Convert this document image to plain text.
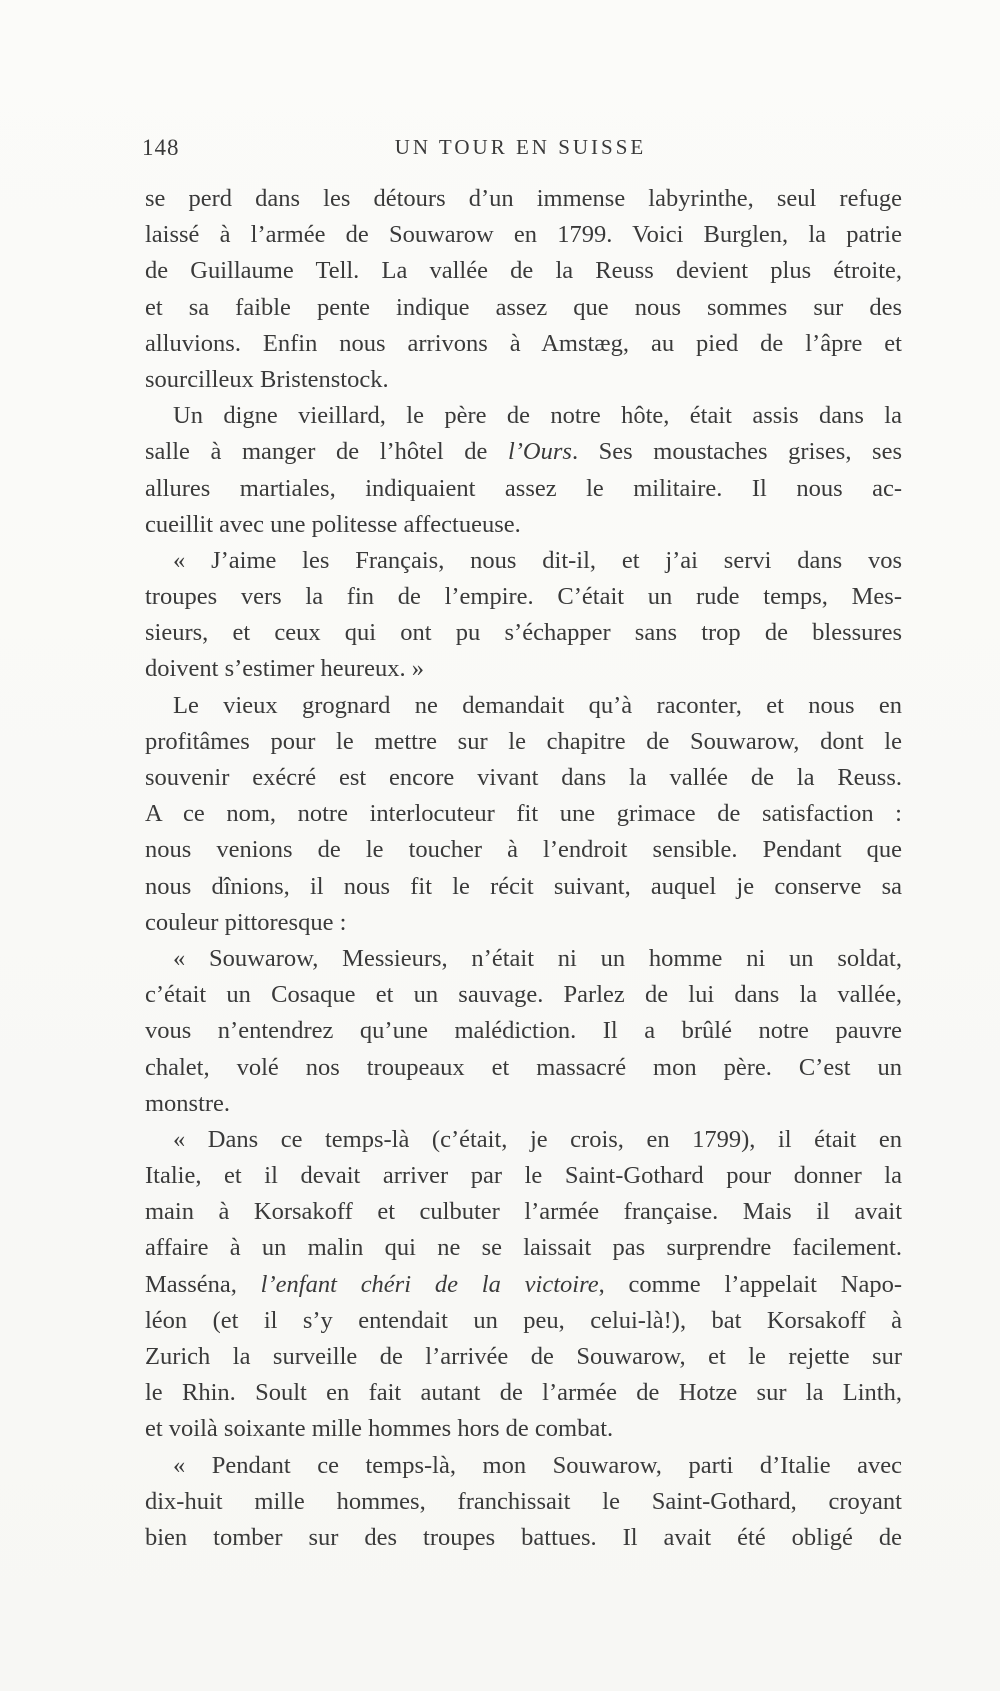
148	UN TOUR EN SUISSE
se perd dans les détours d’un immense labyrinthe, seul refuge
laissé à l’armée de Souwarow en 1799. Voici Burglen, la patrie
de Guillaume Tell. La vallée de la Reuss devient plus étroite,
et sa faible pente indique assez que nous sommes sur des
alluvions. Enfin nous arrivons à Amstæg, au pied de l’âpre et
sourcilleux Bristenstock.
Un digne vieillard, le père de notre hôte, était assis dans la
salle à manger de l’hôtel de l’Ours. Ses moustaches grises, ses
allures martiales, indiquaient assez le militaire. Il nous ac-
cueillit avec une politesse affectueuse.
« J’aime les Français, nous dit-il, et j’ai servi dans vos
troupes vers la fin de l’empire. C’était un rude temps, Mes-
sieurs, et ceux qui ont pu s’échapper sans trop de blessures
doivent s’estimer heureux. »
Le vieux grognard ne demandait qu’à raconter, et nous en
profitâmes pour le mettre sur le chapitre de Souwarow, dont le
souvenir exécré est encore vivant dans la vallée de la Reuss.
A ce nom, notre interlocuteur fit une grimace de satisfaction :
nous venions de le toucher à l’endroit sensible. Pendant que
nous dînions, il nous fit le récit suivant, auquel je conserve sa
couleur pittoresque :
« Souwarow, Messieurs, n’était ni un homme ni un soldat,
c’était un Cosaque et un sauvage. Parlez de lui dans la vallée,
vous n’entendrez qu’une malédiction. Il a brûlé notre pauvre
chalet, volé nos troupeaux et massacré mon père. C’est un
monstre.
« Dans ce temps-là (c’était, je crois, en 1799), il était en
Italie, et il devait arriver par le Saint-Gothard pour donner la
main à Korsakoff et culbuter l’armée française. Mais il avait
affaire à un malin qui ne se laissait pas surprendre facilement.
Masséna, l’enfant chéri de la victoire, comme l’appelait Napo-
léon (et il s’y entendait un peu, celui-là!), bat Korsakoff à
Zurich la surveille de l’arrivée de Souwarow, et le rejette sur
le Rhin. Soult en fait autant de l’armée de Hotze sur la Linth,
et voilà soixante mille hommes hors de combat.
« Pendant ce temps-là, mon Souwarow, parti d’Italie avec
dix-huit mille hommes, franchissait le Saint-Gothard, croyant
bien tomber sur des troupes battues. Il avait été obligé de
